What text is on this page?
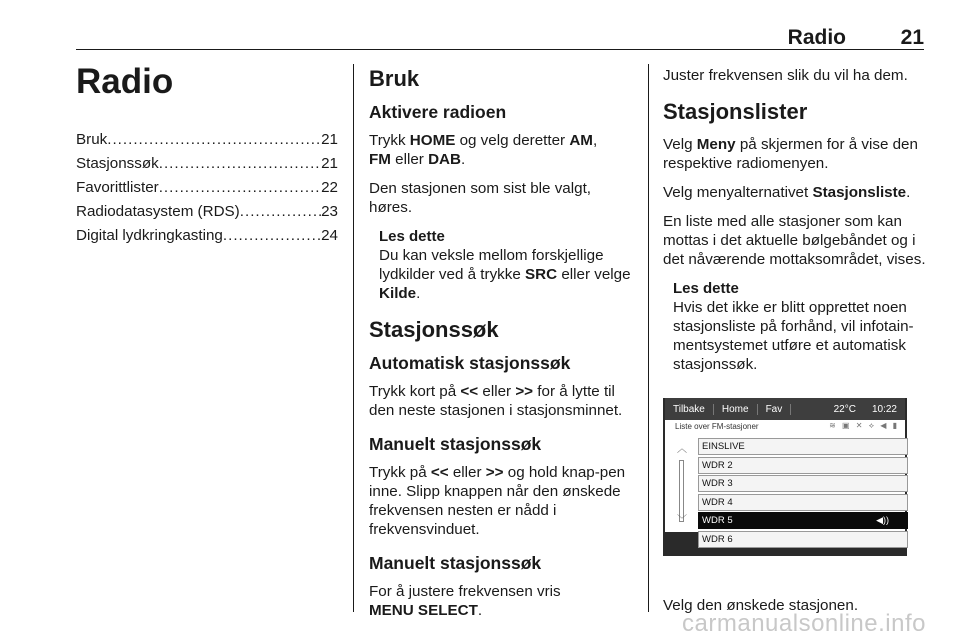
Radio	21
Radio
Bruk .....	21
Stasjonssøk .....	21
Favorittlister .....	22
Radiodatasystem (RDS) .....	23
Digital lydkringkasting .....	24
Bruk
Aktivere radioen

Trykk HOME og velg deretter AM,
FM eller DAB.

Den stasjonen som sist ble valgt, høres.

Les dette

Du kan veksle mellom forskjellige lydkilder ved å trykke SRC eller velge Kilde.

Stasjonssøk
Automatisk stasjonssøk

Trykk kort på << eller >> for å lytte til den neste stasjonen i stasjonsminnet.

Manuelt stasjonssøk

Trykk på << eller >> og hold knap-pen inne. Slipp knappen når den ønskede frekvensen nesten er nådd i frekvensvinduet.

Manuelt stasjonssøk

For å justere frekvensen vris
MENU SELECT.

Juster frekvensen slik du vil ha dem.

Stasjonslister

Velg Meny på skjermen for å vise den respektive radiomenyen.

Velg menyalternativet Stasjonsliste.

En liste med alle stasjoner som kan mottas i det aktuelle bølgebåndet og i det nåværende mottaksområdet, vises.

Les dette

Hvis det ikke er blitt opprettet noen stasjonsliste på forhånd, vil infotain-mentsystemet utføre et automatisk stasjonssøk.

Tilbake	Home	Fav	22°C	10:22
Liste over FM-stasjoner	≋ ▣ ✕ ⟡ ◀ ▮
︿
﹀
EINSLIVE
WDR 2
WDR 3
WDR 4
WDR 5	◀))
WDR 6

Velg den ønskede stasjonen.

carmanualsonline.info
